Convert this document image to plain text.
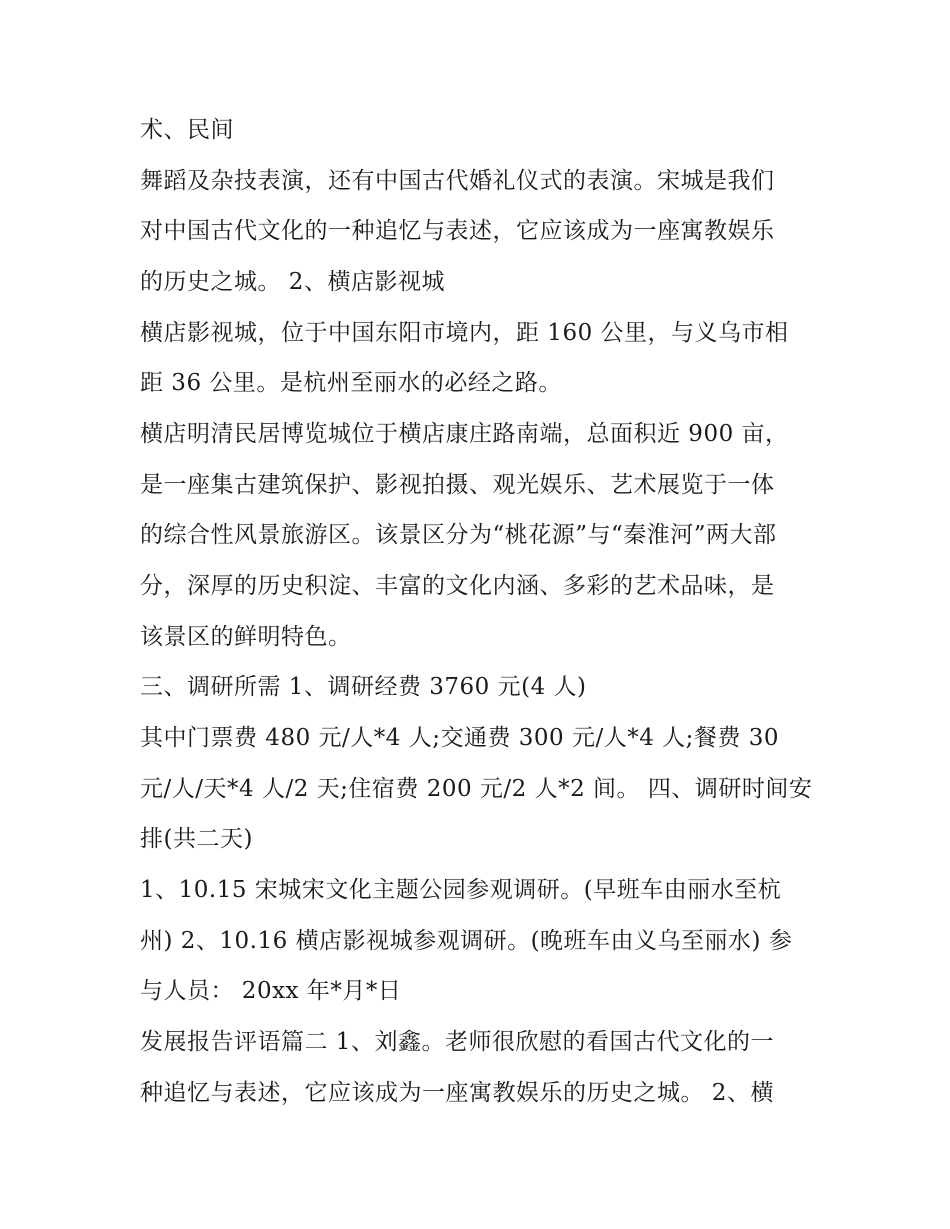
术、民间
舞蹈及杂技表演，还有中国古代婚礼仪式的表演。宋城是我们
对中国古代文化的一种追忆与表述，它应该成为一座寓教娱乐
的历史之城。 2、横店影视城
横店影视城，位于中国东阳市境内，距 160 公里，与义乌市相
距 36 公里。是杭州至丽水的必经之路。
横店明清民居博览城位于横店康庄路南端，总面积近 900 亩，
是一座集古建筑保护、影视拍摄、观光娱乐、艺术展览于一体
的综合性风景旅游区。该景区分为“桃花源”与“秦淮河”两大部
分，深厚的历史积淀、丰富的文化内涵、多彩的艺术品味，是
该景区的鲜明特色。
三、调研所需 1、调研经费 3760 元(4 人)
其中门票费 480 元/人*4 人;交通费 300 元/人*4 人;餐费 30
元/人/天*4 人/2 天;住宿费 200 元/2 人*2 间。 四、调研时间安
排(共二天)
1、10.15 宋城宋文化主题公园参观调研。(早班车由丽水至杭
州) 2、10.16 横店影视城参观调研。(晚班车由义乌至丽水) 参
与人员： 20xx 年*月*日
发展报告评语篇二 1、刘鑫。老师很欣慰的看国古代文化的一
种追忆与表述，它应该成为一座寓教娱乐的历史之城。 2、横
